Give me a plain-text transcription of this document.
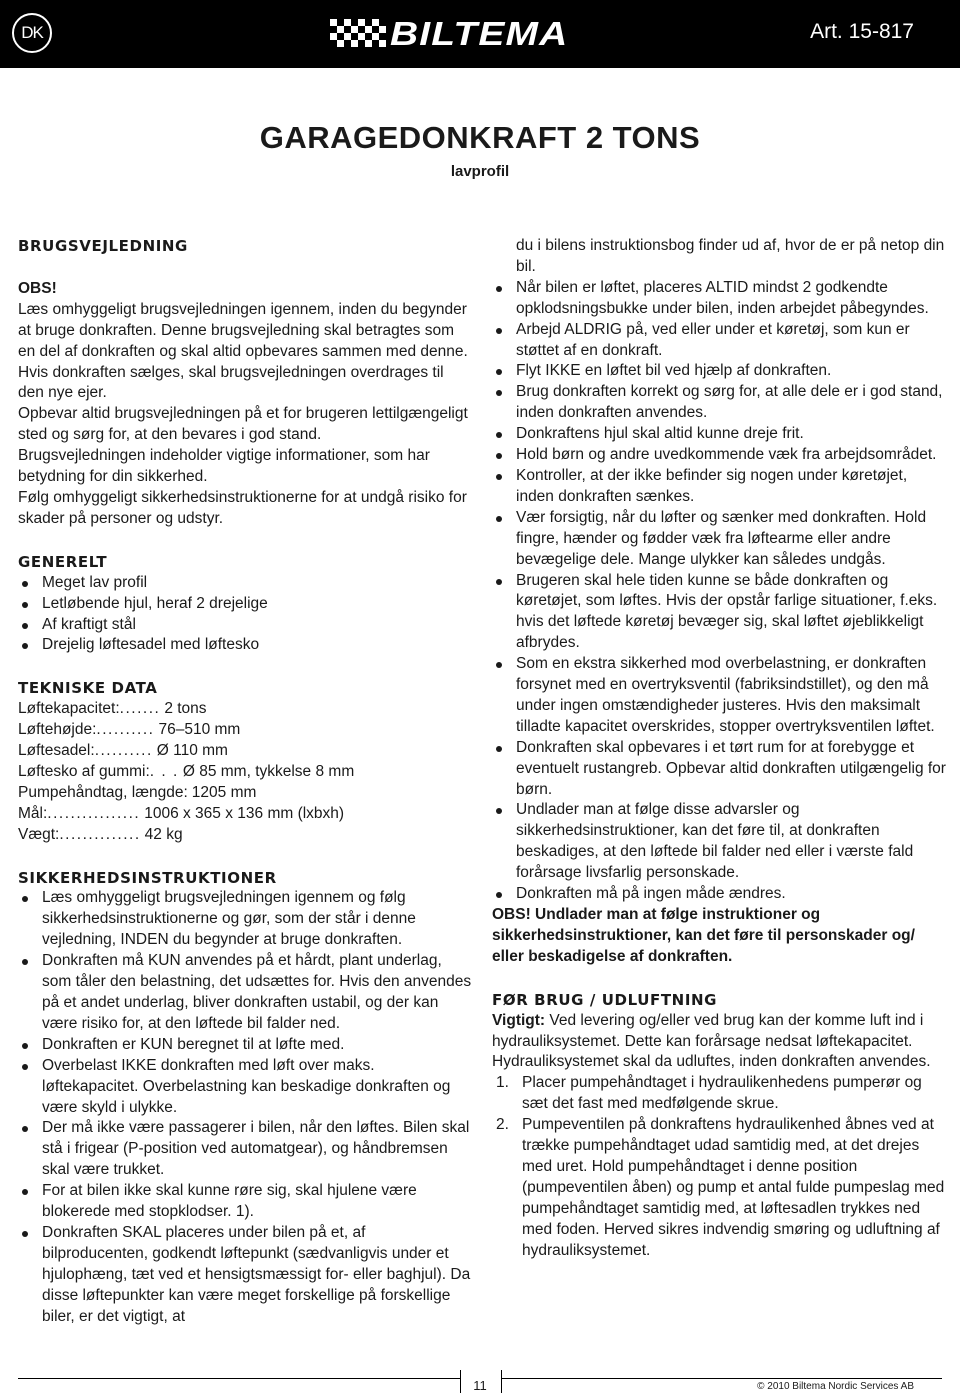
DK	BILTEMA	Art. 15-817
GARAGEDONKRAFT 2 TONS
lavprofil

BRUGSVEJLEDNING

OBS!

Læs omhyggeligt brugsvejledningen igennem, inden du begynder at bruge donkraften. Denne brugsvejledning skal betragtes som en del af donkraften og skal altid opbevares sammen med denne. Hvis donkraften sælges, skal brugsvejledningen overdrages til den nye ejer.

Opbevar altid brugsvejledningen på et for brugeren lettilgængeligt sted og sørg for, at den bevares i god stand.

Brugsvejledningen indeholder vigtige informationer, som har betydning for din sikkerhed.

Følg omhyggeligt sikkerhedsinstruktionerne for at undgå risiko for skader på personer og udstyr.

GENERELT

Meget lav profil
Letløbende hjul, heraf 2 drejelige
Af kraftigt stål
Drejelig løftesadel med løftesko

TEKNISKE DATA

Løftekapacitet: ....... 2 tons
Løftehøjde: .......... 76–510 mm
Løftesadel: .......... Ø 110 mm
Løftesko af gummi: . . . Ø 85 mm, tykkelse 8 mm
Pumpehåndtag, længde: 1205 mm
Mål: ................ 1006 x 365 x 136 mm (lxbxh)
Vægt: .............. 42 kg

SIKKERHEDSINSTRUKTIONER

Læs omhyggeligt brugsvejledningen igennem og følg sikkerhedsinstruktionerne og gør, som der står i denne vejledning, INDEN du begynder at bruge donkraften.
Donkraften må KUN anvendes på et hårdt, plant underlag, som tåler den belastning, det udsættes for. Hvis den anvendes på et andet underlag, bliver donkraften ustabil, og der kan være risiko for, at den løftede bil falder ned.
Donkraften er KUN beregnet til at løfte med.
Overbelast IKKE donkraften med løft over maks. løftekapacitet. Overbelastning kan beskadige donkraften og være skyld i ulykke.
Der må ikke være passagerer i bilen, når den løftes. Bilen skal stå i frigear (P-position ved automatgear), og håndbremsen skal være trukket.
For at bilen ikke skal kunne røre sig, skal hjulene være blokerede med stopklodser. 1).
Donkraften SKAL placeres under bilen på et, af bilproducenten, godkendt løftepunkt (sædvanligvis under et hjulophæng, tæt ved et hensigtsmæssigt for- eller baghjul). Da disse løftepunkter kan være meget forskellige på forskellige biler, er det vigtigt, at

du i bilens instruktionsbog finder ud af, hvor de er på netop din bil.

Når bilen er løftet, placeres ALTID mindst 2 godkendte opklodsningsbukke under bilen, inden arbejdet påbegyndes.
Arbejd ALDRIG på, ved eller under et køretøj, som kun er støttet af en donkraft.
Flyt IKKE en løftet bil ved hjælp af donkraften.
Brug donkraften korrekt og sørg for, at alle dele er i god stand, inden donkraften anvendes.
Donkraftens hjul skal altid kunne dreje frit.
Hold børn og andre uvedkommende væk fra arbejdsområdet.
Kontroller, at der ikke befinder sig nogen under køretøjet, inden donkraften sænkes.
Vær forsigtig, når du løfter og sænker med donkraften. Hold fingre, hænder og fødder væk fra løftearme eller andre bevægelige dele. Mange ulykker kan således undgås.
Brugeren skal hele tiden kunne se både donkraften og køretøjet, som løftes. Hvis der opstår farlige situationer, f.eks. hvis det løftede køretøj bevæger sig, skal løftet øjeblikkeligt afbrydes.
Som en ekstra sikkerhed mod overbelastning, er donkraften forsynet med en overtryksventil (fabriksindstillet), og den må under ingen omstændigheder justeres. Hvis den maksimalt tilladte kapacitet overskrides, stopper overtryksventilen løftet.
Donkraften skal opbevares i et tørt rum for at forebygge et eventuelt rustangreb. Opbevar altid donkraften utilgængelig for børn.
Undlader man at følge disse advarsler og sikkerhedsinstruktioner, kan det føre til, at donkraften beskadiges, at den løftede bil falder ned eller i værste fald forårsage livsfarlig personskade.
Donkraften må på ingen måde ændres.

OBS! Undlader man at følge instruktioner og sikkerhedsinstruktioner, kan det føre til personskader og/ eller beskadigelse af donkraften.

FØR BRUG / UDLUFTNING

Vigtigt: Ved levering og/eller ved brug kan der komme luft ind i hydrauliksystemet. Dette kan forårsage nedsat løftekapacitet. Hydrauliksystemet skal da udluftes, inden donkraften anvendes.

1. Placer pumpehåndtaget i hydraulikenhedens pumperør og sæt det fast med medfølgende skrue.
2. Pumpeventilen på donkraftens hydraulikenhed åbnes ved at trække pumpehåndtaget udad samtidig med, at det drejes med uret. Hold pumpehåndtaget i denne position (pumpeventilen åben) og pump et antal fulde pumpeslag med pumpehåndtaget samtidig med, at løftesadlen trykkes ned med foden. Herved sikres indvendig smøring og udluftning af hydrauliksystemet.
11	© 2010 Biltema Nordic Services AB
